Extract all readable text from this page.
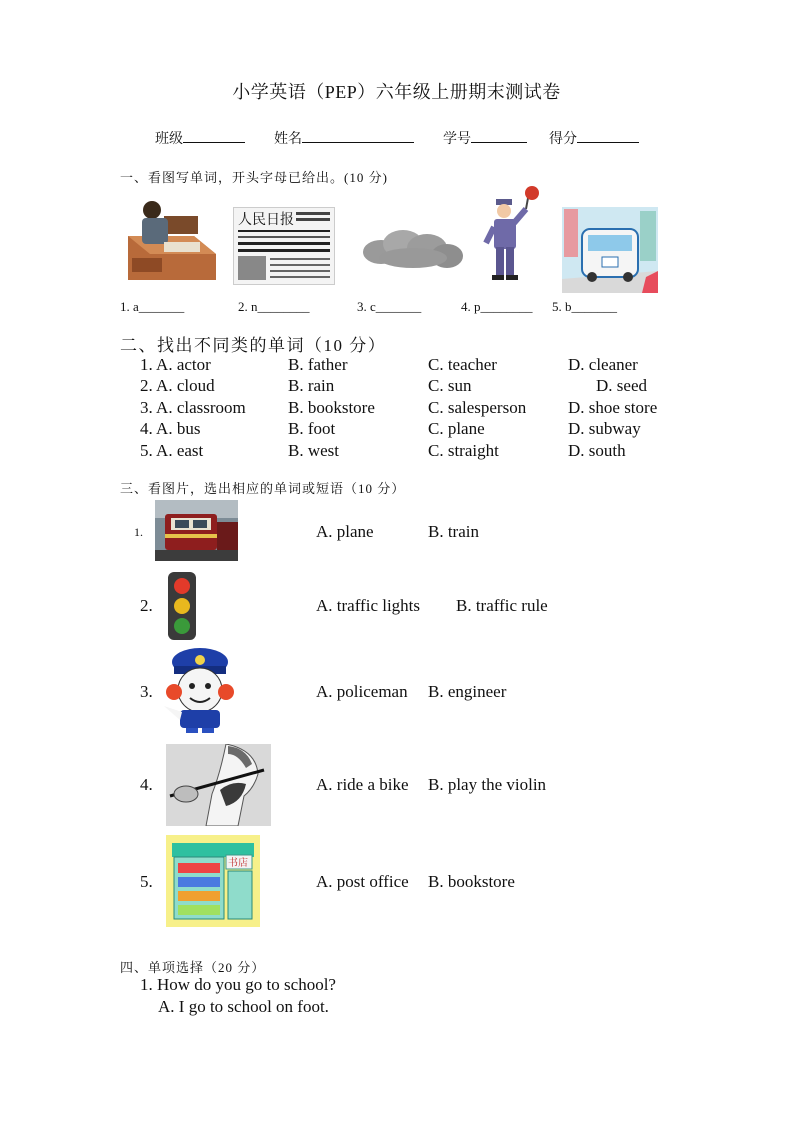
小学英语（PEP）六年级上册期末测试卷
班级	姓名	学号	得分
一、看图写单词，开头字母已给出。(10 分)
人民日报
1. a_______	2. n________	3. c_______	4. p________ 5. b_______
二、找出不同类的单词（10 分）
1. A. actor	B. father	C. teacher	D. cleaner
2. A. cloud	B. rain	C. sun	D. seed
3. A. classroom B. bookstore	C. salesperson D. shoe store
4. A. bus	B. foot	C. plane	D. subway
5. A. east	B. west	C. straight	D. south
三、看图片，选出相应的单词或短语（10 分）
1.	A. plane	B. train
2.	A. traffic lights B. traffic rule
3.	A. policeman B. engineer
4.	A. ride a bike B. play the violin
5.
书店
A. post office B. bookstore
四、单项选择（20 分）
1. How do you go to school?
A. I go to school on foot.
